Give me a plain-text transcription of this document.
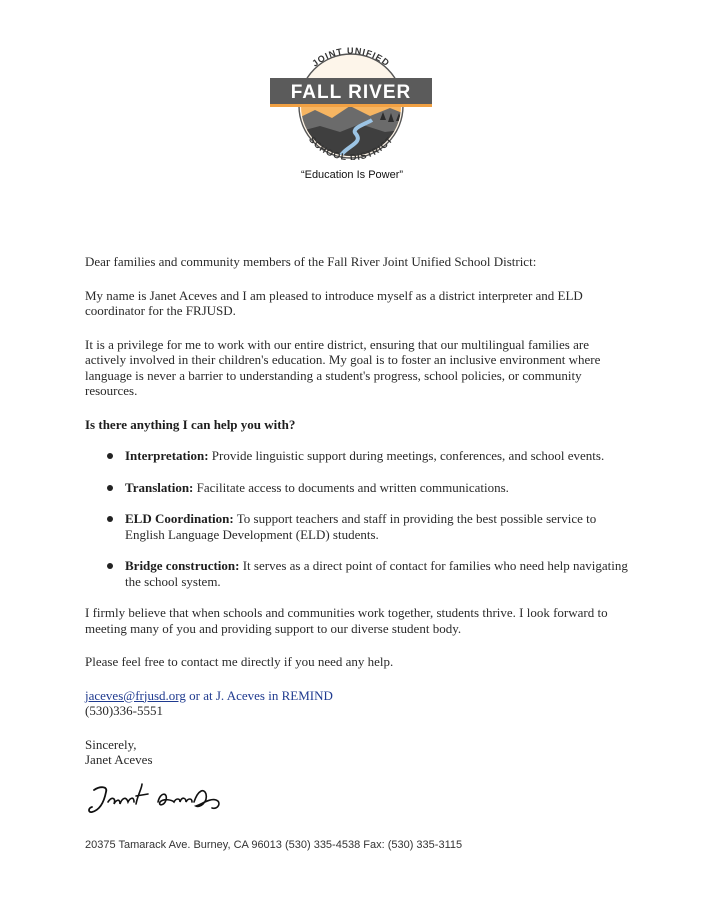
FALL RIVER
JOINT UNIFIED
SCHOOL DISTRICT
“Education Is Power”

Dear families and community members of the Fall River Joint Unified School District:

My name is Janet Aceves and I am pleased to introduce myself as a district interpreter and ELD coordinator for the FRJUSD.

It is a privilege for me to work with our entire district, ensuring that our multilingual families are actively involved in their children's education. My goal is to foster an inclusive environment where language is never a barrier to understanding a student's progress, school policies, or community resources.

Is there anything I can help you with?

Interpretation: Provide linguistic support during meetings, conferences, and school events.
Translation: Facilitate access to documents and written communications.
ELD Coordination: To support teachers and staff in providing the best possible service to English Language Development (ELD) students.
Bridge construction: It serves as a direct point of contact for families who need help navigating the school system.

I firmly believe that when schools and communities work together, students thrive. I look forward to meeting many of you and providing support to our diverse student body.

Please feel free to contact me directly if you need any help.

jaceves@frjusd.org or at J. Aceves in REMIND

(530)336-5551

Sincerely,

Janet Aceves

20375 Tamarack Ave. Burney, CA 96013 (530) 335-4538 Fax: (530) 335-3115
